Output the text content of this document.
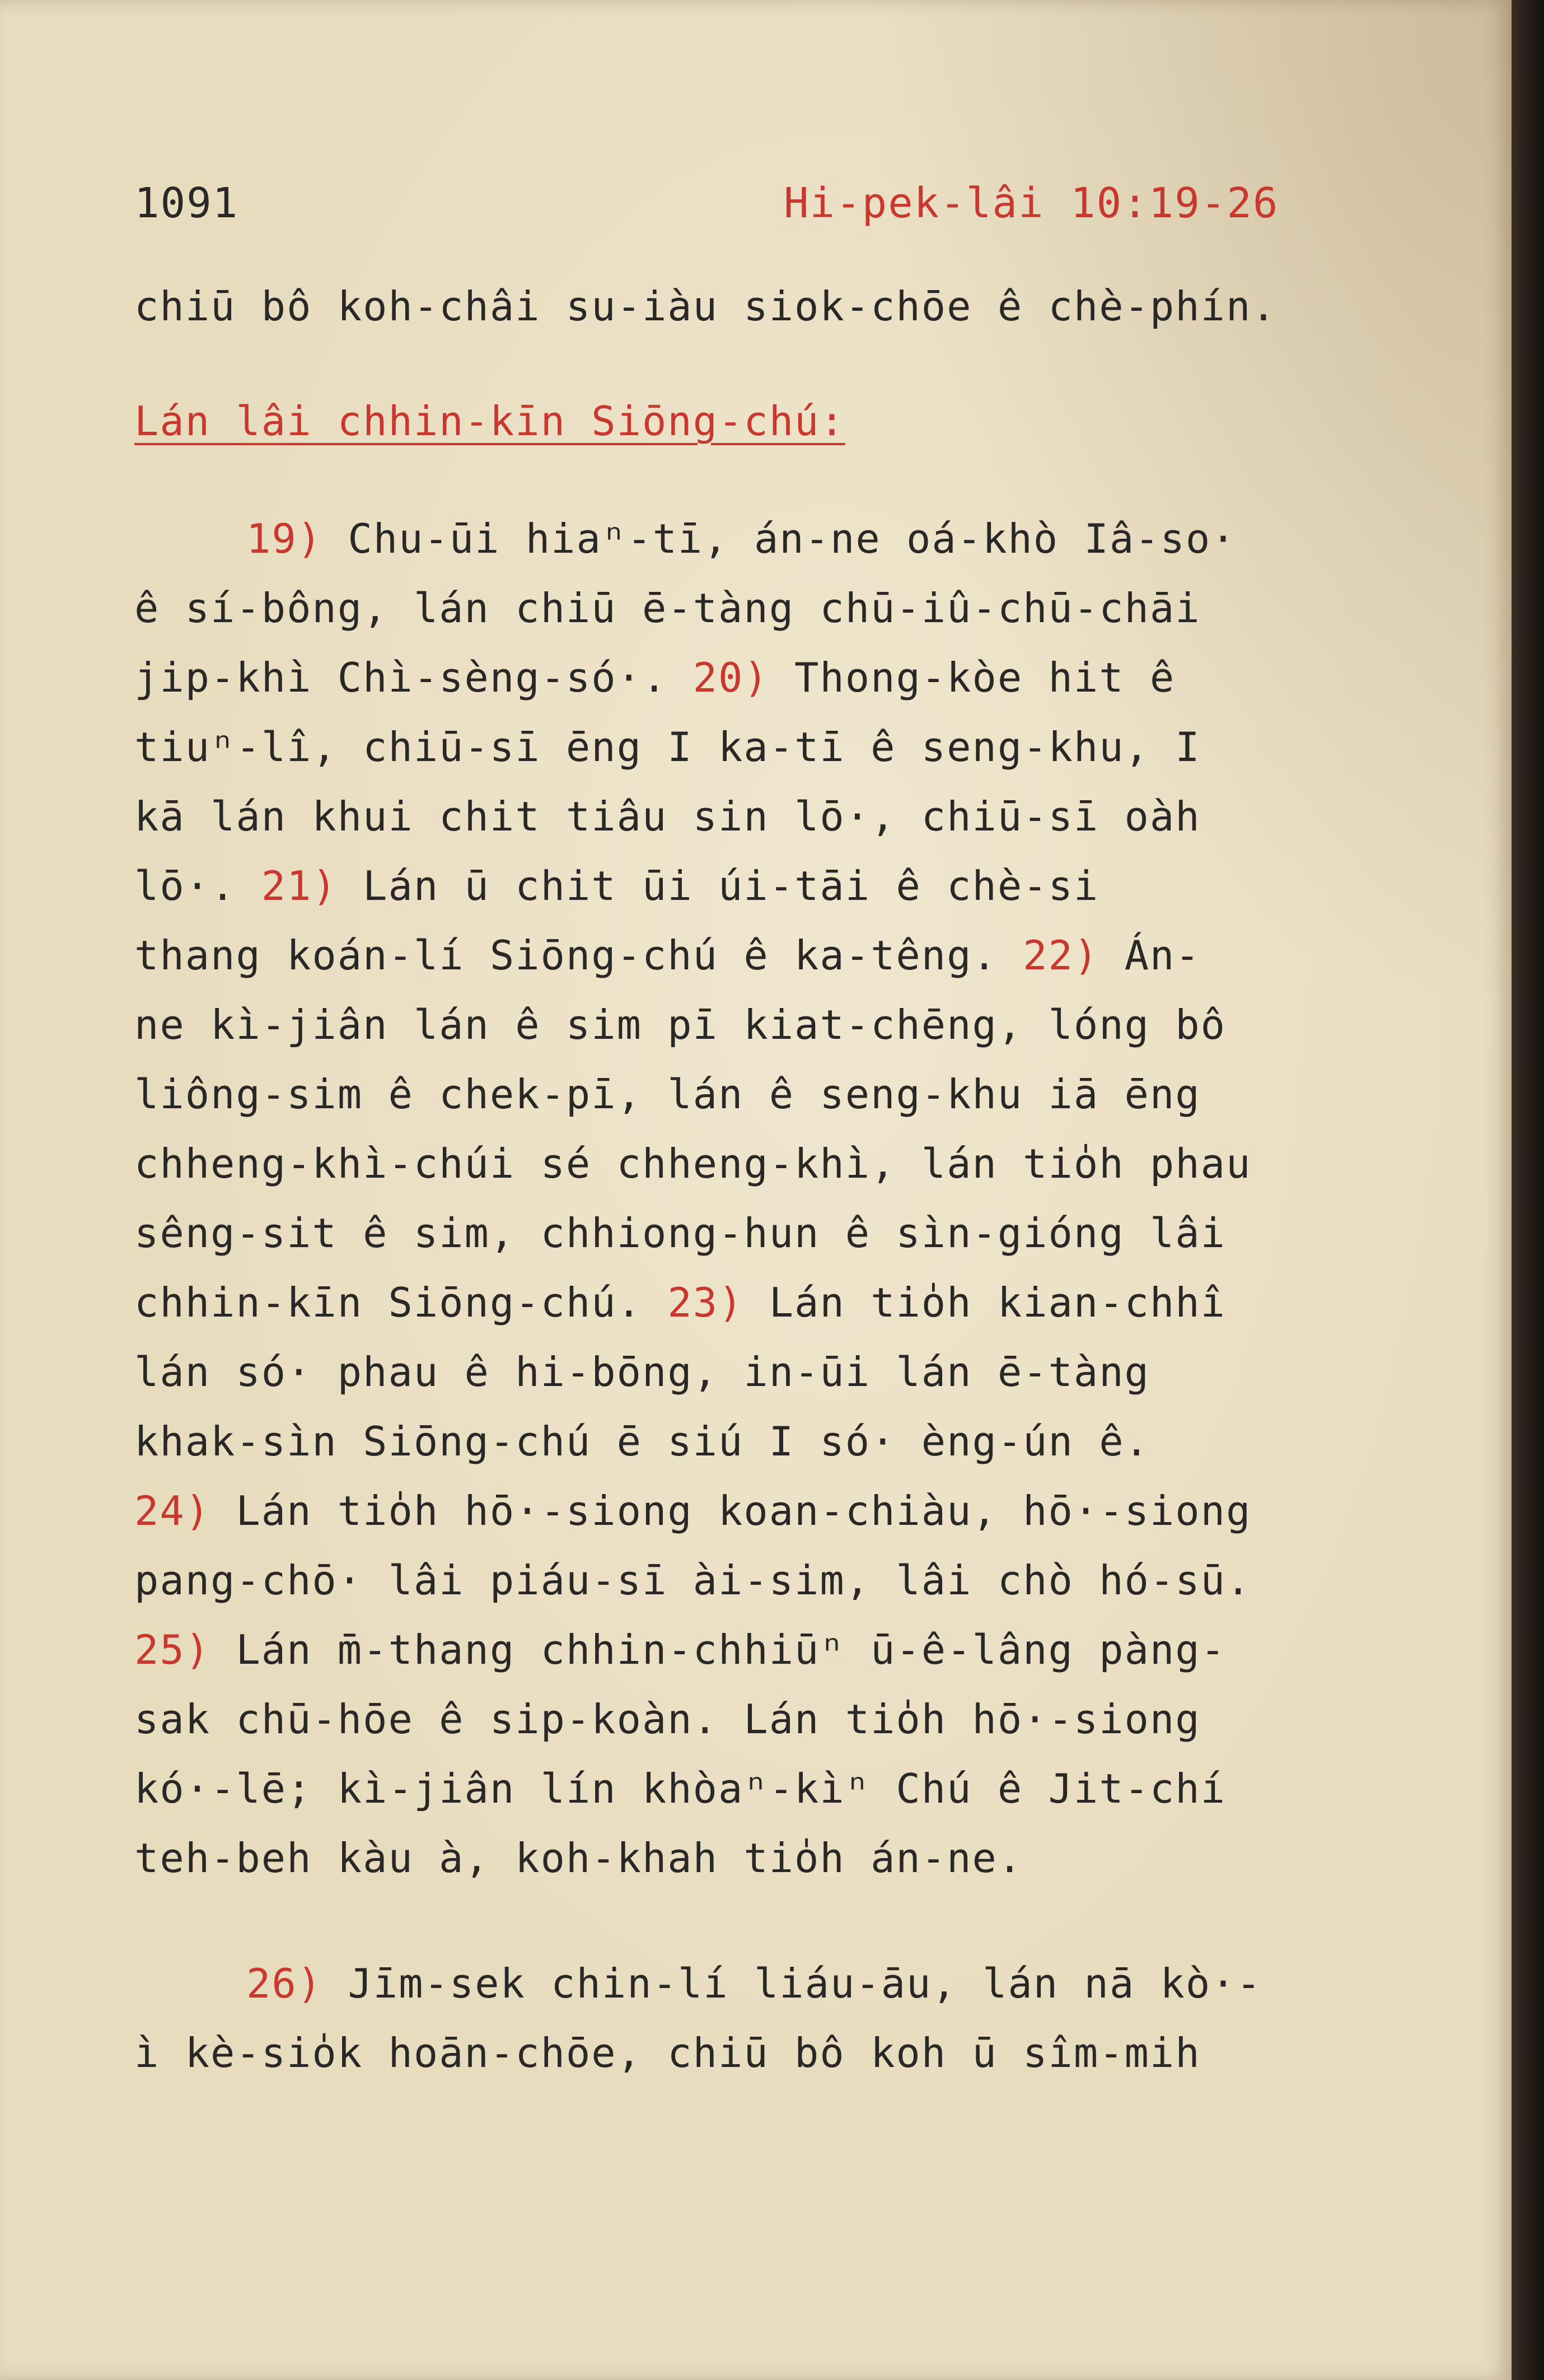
1091	Hi-pek-lâi 10:19-26
chiū bô koh-châi su-iàu siok-chōe ê chè-phín.
Lán lâi chhin-kīn Siōng-chú:
19) Chu-ūi hiaⁿ-tī, án-ne oá-khò Iâ-so·
ê sí-bông, lán chiū ē-tàng chū-iû-chū-chāi
jip-khì Chì-sèng-só·. 20) Thong-kòe hit ê
tiuⁿ-lî, chiū-sī ēng I ka-tī ê seng-khu, I
kā lán khui chit tiâu sin lō·, chiū-sī oàh
lō·. 21) Lán ū chit ūi úi-tāi ê chè-si
thang koán-lí Siōng-chú ê ka-têng. 22) Án-
ne kì-jiân lán ê sim pī kiat-chēng, lóng bô
liông-sim ê chek-pī, lán ê seng-khu iā ēng
chheng-khì-chúi sé chheng-khì, lán tio̍h phau
sêng-sit ê sim, chhiong-hun ê sìn-gióng lâi
chhin-kīn Siōng-chú. 23) Lán tio̍h kian-chhî
lán só· phau ê hi-bōng, in-ūi lán ē-tàng
khak-sìn Siōng-chú ē siú I só· èng-ún ê.
24) Lán tio̍h hō·-siong koan-chiàu, hō·-siong
pang-chō· lâi piáu-sī ài-sim, lâi chò hó-sū.
25) Lán m̄-thang chhin-chhiūⁿ ū-ê-lâng pàng-
sak chū-hōe ê sip-koàn. Lán tio̍h hō·-siong
kó·-lē; kì-jiân lín khòaⁿ-kìⁿ Chú ê Jit-chí
teh-beh kàu à, koh-khah tio̍h án-ne.
26) Jīm-sek chin-lí liáu-āu, lán nā kò·-
ì kè-sio̍k hoān-chōe, chiū bô koh ū sîm-mih
